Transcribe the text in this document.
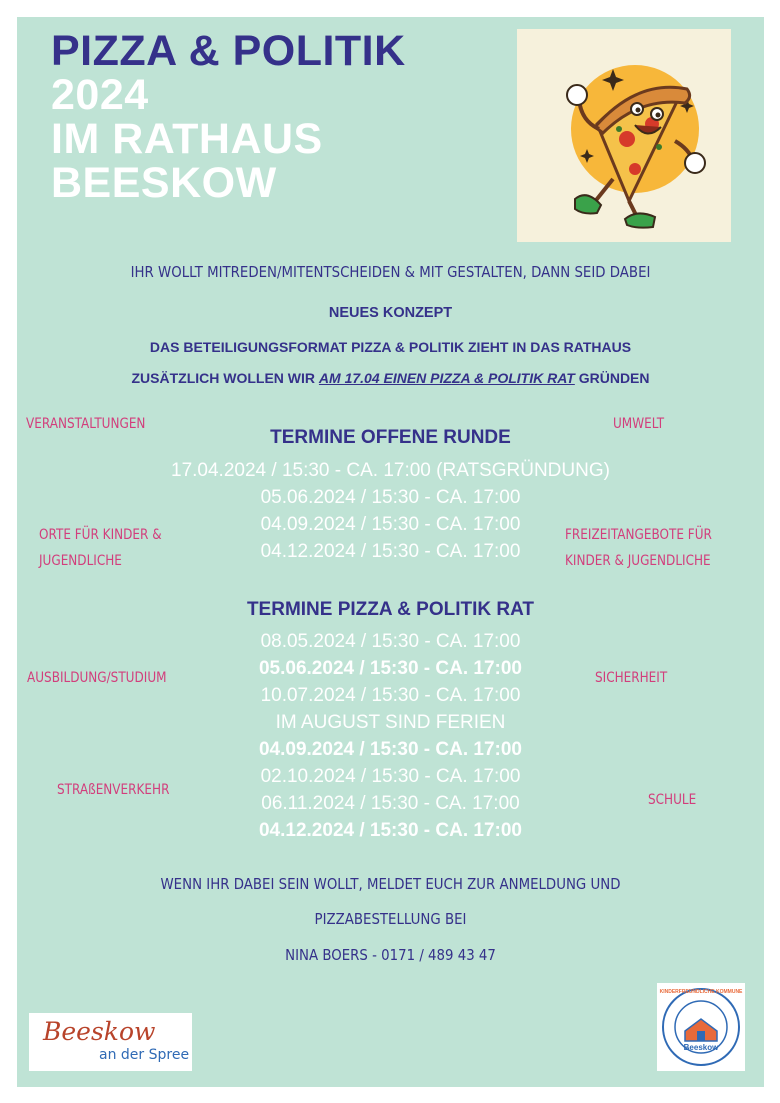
PIZZA & POLITIK
2024
IM RATHAUS
BEESKOW
IHR WOLLT MITREDEN/MITENTSCHEIDEN & MIT GESTALTEN, DANN SEID DABEI
NEUES KONZEPT
DAS BETEILIGUNGSFORMAT PIZZA & POLITIK ZIEHT IN DAS RATHAUS
ZUSÄTZLICH WOLLEN WIR AM 17.04 EINEN PIZZA & POLITIK RAT GRÜNDEN
TERMINE OFFENE RUNDE
17.04.2024 / 15:30 - CA. 17:00 (RATSGRÜNDUNG)
05.06.2024 / 15:30 - CA. 17:00
04.09.2024 / 15:30 - CA. 17:00
04.12.2024 / 15:30 - CA. 17:00
TERMINE PIZZA & POLITIK RAT
08.05.2024 / 15:30 - CA. 17:00
05.06.2024 / 15:30 - CA. 17:00
10.07.2024 / 15:30 - CA. 17:00
IM AUGUST SIND FERIEN
04.09.2024 / 15:30 - CA. 17:00
02.10.2024 / 15:30 - CA. 17:00
06.11.2024 / 15:30 - CA. 17:00
04.12.2024 / 15:30 - CA. 17:00
VERANSTALTUNGEN	UMWELT
ORTE FÜR KINDER &
JUGENDLICHE
FREIZEITANGEBOTE FÜR
KINDER & JUGENDLICHE
AUSBILDUNG/STUDIUM	SICHERHEIT
STRAßENVERKEHR
SCHULE
WENN IHR DABEI SEIN WOLLT, MELDET EUCH ZUR ANMELDUNG UND
PIZZABESTELLUNG BEI
NINA BOERS - 0171 / 489 43 47
Beeskow
an der Spree
KINDERFREUNDLICHE KOMMUNE
Beeskow
